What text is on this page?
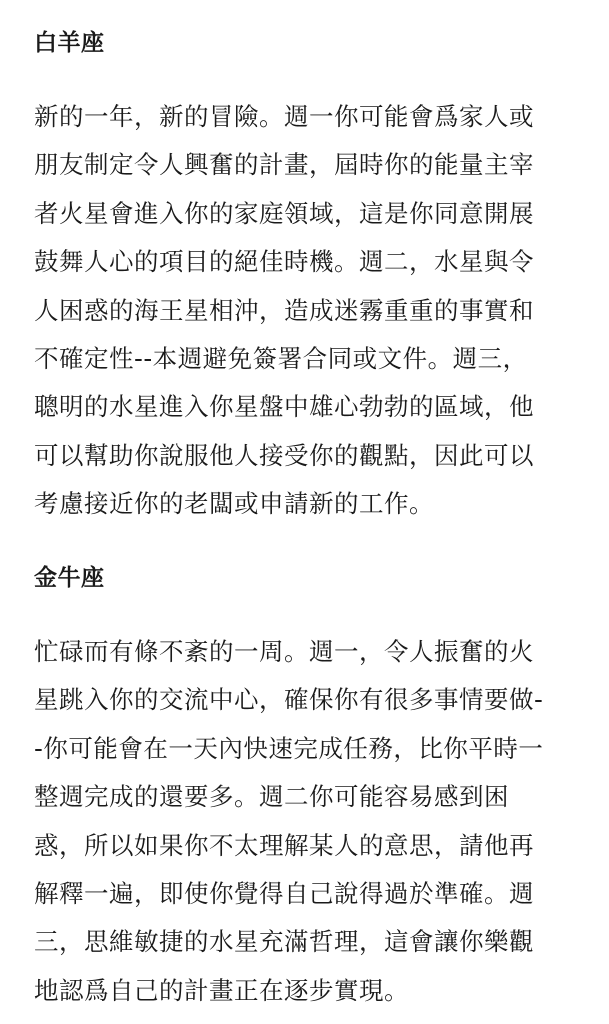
白羊座
新的一年，新的冒險。週一你可能會爲家人或
朋友制定令人興奮的計畫，屆時你的能量主宰
者火星會進入你的家庭領域，這是你同意開展
鼓舞人心的項目的絕佳時機。週二，水星與令
人困惑的海王星相沖，造成迷霧重重的事實和
不確定性--本週避免簽署合同或文件。週三，
聰明的水星進入你星盤中雄心勃勃的區域，他
可以幫助你說服他人接受你的觀點，因此可以
考慮接近你的老闆或申請新的工作。
金牛座
忙碌而有條不紊的一周。週一，令人振奮的火
星跳入你的交流中心，確保你有很多事情要做-
-你可能會在一天內快速完成任務，比你平時一
整週完成的還要多。週二你可能容易感到困
惑，所以如果你不太理解某人的意思，請他再
解釋一遍，即使你覺得自己說得過於準確。週
三，思維敏捷的水星充滿哲理，這會讓你樂觀
地認爲自己的計畫正在逐步實現。
